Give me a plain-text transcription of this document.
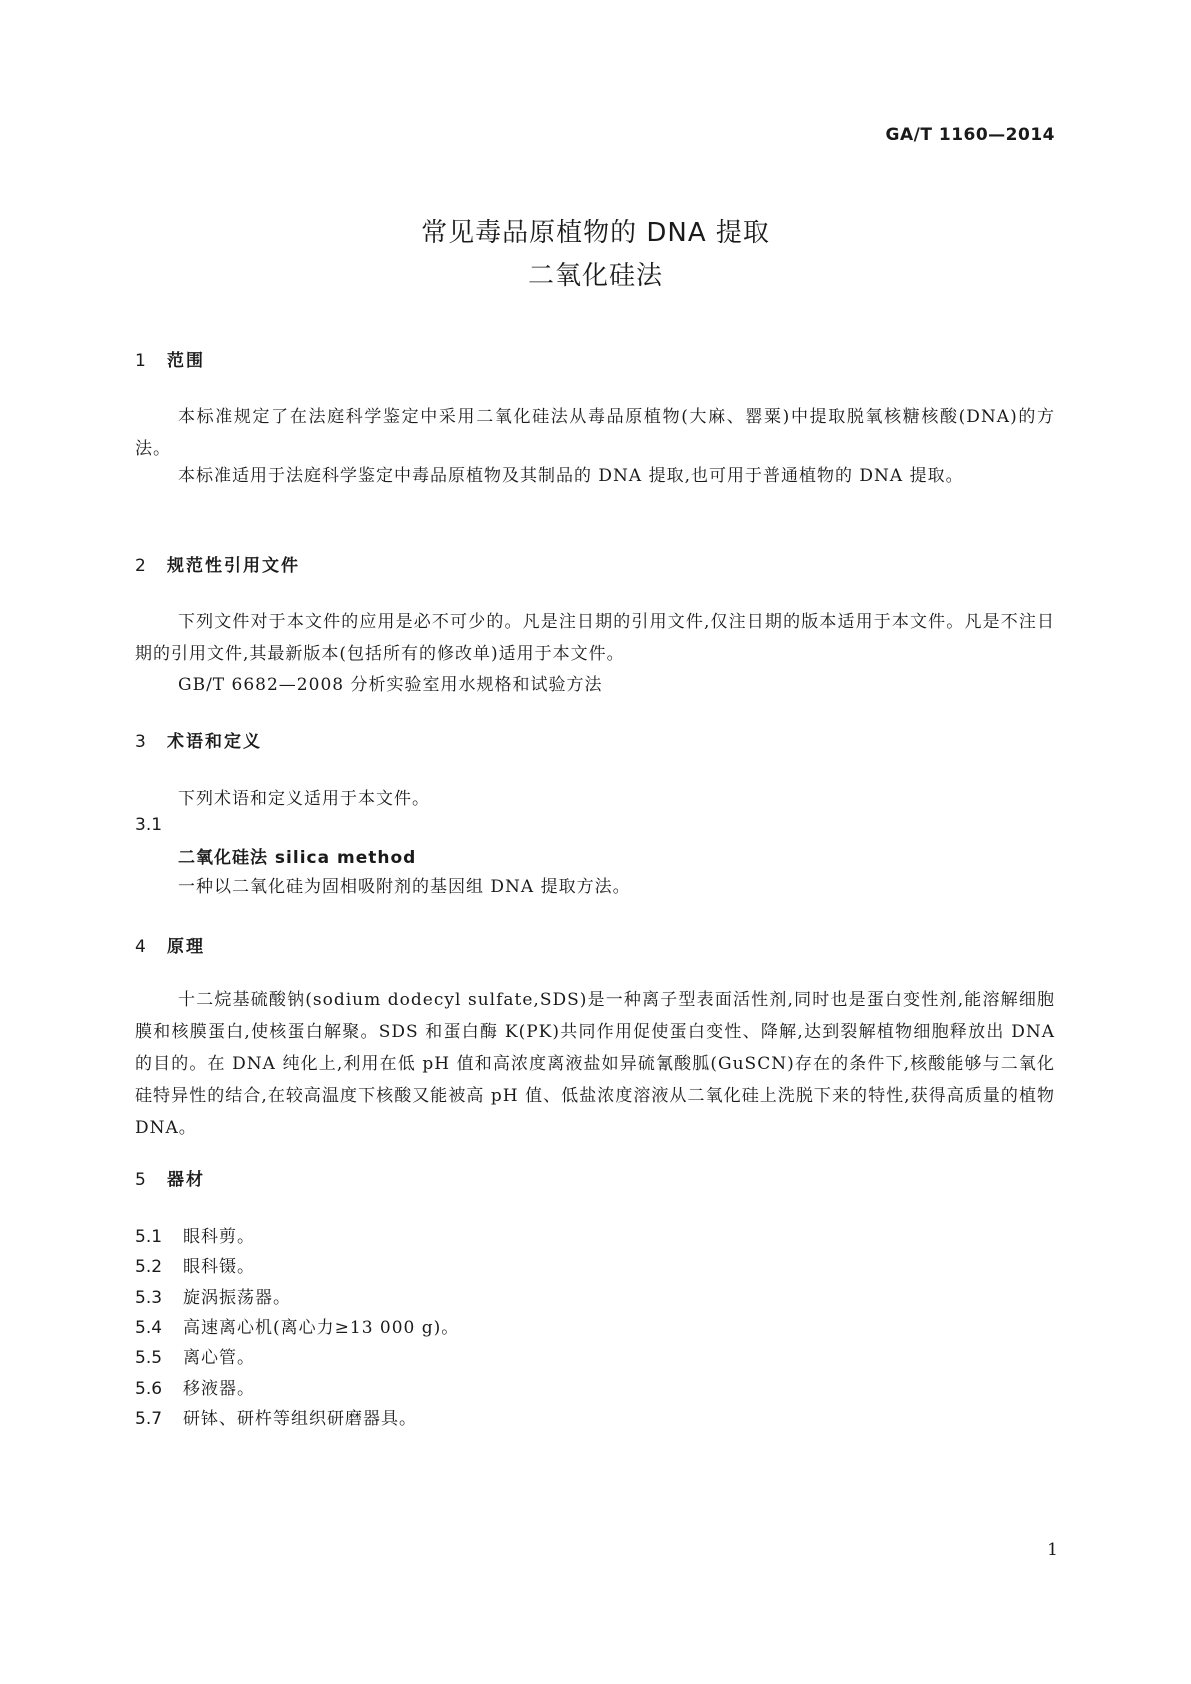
GA/T 1160—2014
常见毒品原植物的 DNA 提取
二氧化硅法
1 范围
本标准规定了在法庭科学鉴定中采用二氧化硅法从毒品原植物(大麻、罂粟)中提取脱氧核糖核酸(DNA)的方法。
本标准适用于法庭科学鉴定中毒品原植物及其制品的 DNA 提取,也可用于普通植物的 DNA 提取。
2 规范性引用文件
下列文件对于本文件的应用是必不可少的。凡是注日期的引用文件,仅注日期的版本适用于本文件。凡是不注日期的引用文件,其最新版本(包括所有的修改单)适用于本文件。
GB/T 6682—2008 分析实验室用水规格和试验方法
3 术语和定义
下列术语和定义适用于本文件。
3.1
二氧化硅法 silica method
一种以二氧化硅为固相吸附剂的基因组 DNA 提取方法。
4 原理
十二烷基硫酸钠(sodium dodecyl sulfate,SDS)是一种离子型表面活性剂,同时也是蛋白变性剂,能溶解细胞膜和核膜蛋白,使核蛋白解聚。SDS 和蛋白酶 K(PK)共同作用促使蛋白变性、降解,达到裂解植物细胞释放出 DNA 的目的。在 DNA 纯化上,利用在低 pH 值和高浓度离液盐如异硫氰酸胍(GuSCN)存在的条件下,核酸能够与二氧化硅特异性的结合,在较高温度下核酸又能被高 pH 值、低盐浓度溶液从二氧化硅上洗脱下来的特性,获得高质量的植物 DNA。
5 器材
5.1 眼科剪。
5.2 眼科镊。
5.3 旋涡振荡器。
5.4 高速离心机(离心力≥13 000 g)。
5.5 离心管。
5.6 移液器。
5.7 研钵、研杵等组织研磨器具。
1
